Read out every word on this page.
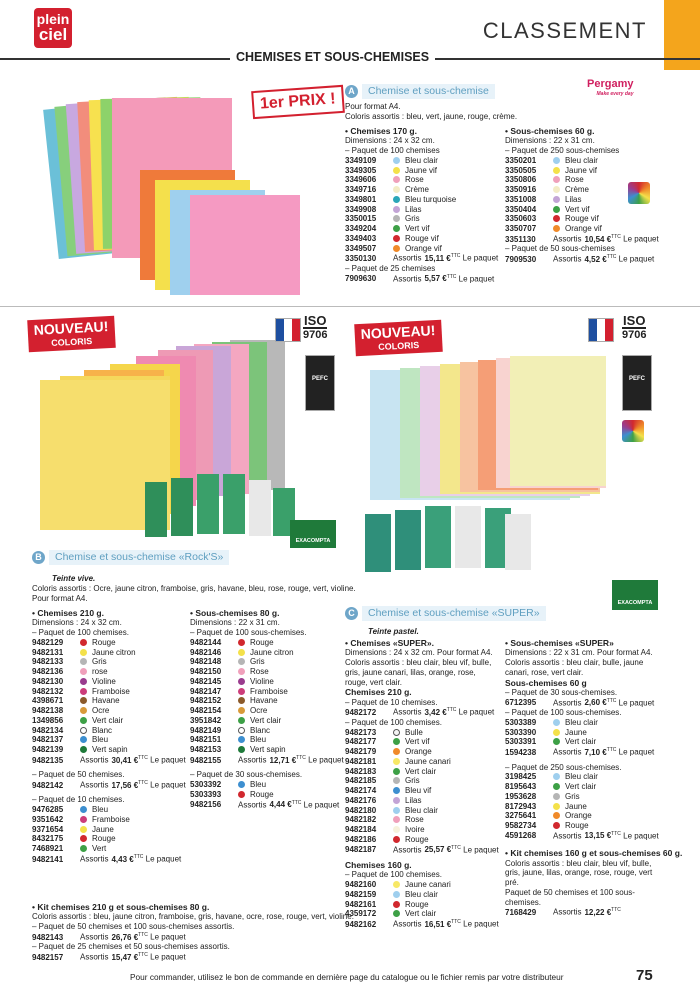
plein
ciel	CLASSEMENT
CHEMISES ET SOUS-CHEMISES
1er PRIX !	A	Chemise et sous-chemise
Pergamy
Make every day
Pour format A4.
Coloris assortis : bleu, vert, jaune, rouge, crème.
• Chemises 170 g.
Dimensions : 24 x 32 cm.
– Paquet de 100 chemises
3349109	Bleu clair
3349305	Jaune vif
3349606	Rose
3349716	Crème
3349801	Bleu turquoise
3349908	Lilas
3350015	Gris
3349204	Vert vif
3349403	Rouge vif
3349507	Orange vif
3350130 Assortis 15,11 €$^{TTC}$ Le paquet
– Paquet de 25 chemises
7909630 Assortis 5,57 €$^{TTC}$ Le paquet
• Sous-chemises 60 g.
Dimensions : 22 x 31 cm.
– Paquet de 250 sous-chemises
3350201	Bleu clair
3350505	Jaune vif
3350806	Rose
3350916	Crème
3351008	Lilas
3350404	Vert vif
3350603	Rouge vif
3350707	Orange vif
3351130 Assortis 10,54 €$^{TTC}$ Le paquet
– Paquet de 50 sous-chemises
7909530 Assortis 4,52 €$^{TTC}$ Le paquet
NOUVEAU!
COLORIS
EXACOMPTA
ISO
9706
PEFC
NOUVEAU!
COLORIS
EXACOMPTA
ISO
9706
PEFC
B	Chemise et sous-chemise «Rock'S»
Teinte vive.
Coloris assortis : Ocre, jaune citron, framboise, gris, havane, bleu, rose, rouge, vert, violine.
Pour format A4.
• Chemises 210 g.
Dimensions : 24 x 32 cm.
– Paquet de 100 chemises.
9482129	Rouge
9482131	Jaune citron
9482133	Gris
9482136	rose
9482130	Violine
9482132	Framboise
4398671	Havane
9482138	Ocre
1349856	Vert clair
9482134	Blanc
9482137	Bleu
9482139	Vert sapin
9482135 Assortis 30,41 €$^{TTC}$ Le paquet
– Paquet de 50 chemises.
9482142 Assortis 17,56 €$^{TTC}$ Le paquet
– Paquet de 10 chemises.
9476285	Bleu
9351642	Framboise
9371654	Jaune
8432175	Rouge
7468921	Vert
9482141 Assortis 4,43 €$^{TTC}$ Le paquet
• Sous-chemises 80 g.
Dimensions : 22 x 31 cm.
– Paquet de 100 sous-chemises.
9482144	Rouge
9482146	Jaune citron
9482148	Gris
9482150	Rose
9482145	Violine
9482147	Framboise
9482152	Havane
9482154	Ocre
3951842	Vert clair
9482149	Blanc
9482151	Bleu
9482153	Vert sapin
9482155 Assortis 12,71 €$^{TTC}$ Le paquet
– Paquet de 30 sous-chemises.
5303392	Bleu
5303393	Rouge
9482156 Assortis 4,44 €$^{TTC}$ Le paquet
• Kit chemises 210 g et sous-chemises 80 g.
Coloris assortis : bleu, jaune citron, framboise, gris, havane, ocre, rose, rouge, vert, violine.
– Paquet de 50 chemises et 100 sous-chemises assortis.
9482143 Assortis 26,76 €$^{TTC}$ Le paquet
– Paquet de 25 chemises et 50 sous-chemises assortis.
9482157 Assortis 15,47 €$^{TTC}$ Le paquet
C	Chemise et sous-chemise «SUPER»
Teinte pastel.
• Chemises «SUPER».
Dimensions : 24 x 32 cm. Pour format A4.
Coloris assortis : bleu clair, bleu vif, bulle,
gris, jaune canari, lilas, orange, rose,
rouge, vert clair.
Chemises 210 g.
– Paquet de 10 chemises.
9482172 Assortis 3,42 €$^{TTC}$ Le paquet
– Paquet de 100 chemises.
9482173	Bulle
9482177	Vert vif
9482179	Orange
9482181	Jaune canari
9482183	Vert clair
9482185	Gris
9482174	Bleu vif
9482176	Lilas
9482180	Bleu clair
9482182	Rose
9482184	Ivoire
9482186	Rouge
9482187 Assortis 25,57 €$^{TTC}$ Le paquet
Chemises 160 g.
– Paquet de 100 chemises.
9482160	Jaune canari
9482159	Bleu clair
9482161	Rouge
4359172	Vert clair
9482162 Assortis 16,51 €$^{TTC}$ Le paquet
• Sous-chemises «SUPER»
Dimensions : 22 x 31 cm. Pour format A4.
Coloris assortis : bleu clair, bulle, jaune
canari, rose, vert clair.
Sous-chemises 60 g
– Paquet de 30 sous-chemises.
6712395 Assortis 2,60 €$^{TTC}$ Le paquet
– Paquet de 100 sous-chemises.
5303389	Bleu clair
5303390	Jaune
5303391	Vert clair
1594238 Assortis 7,10 €$^{TTC}$ Le paquet
– Paquet de 250 sous-chemises.
3198425	Bleu clair
8195643	Vert clair
1953628	Gris
8172943	Jaune
3275641	Orange
9582734	Rouge
4591268 Assortis 13,15 €$^{TTC}$ Le paquet
• Kit chemises 160 g et sous-chemises 60 g.
Coloris assortis : bleu clair, bleu vif, bulle,
gris, jaune, lilas, orange, rose, rouge, vert
pré.
Paquet de 50 chemises et 100 sous-
chemises.
7168429 Assortis 12,22 €$^{TTC}$
Pour commander, utilisez le bon de commande en dernière page du catalogue ou le fichier remis par votre distributeur	75
